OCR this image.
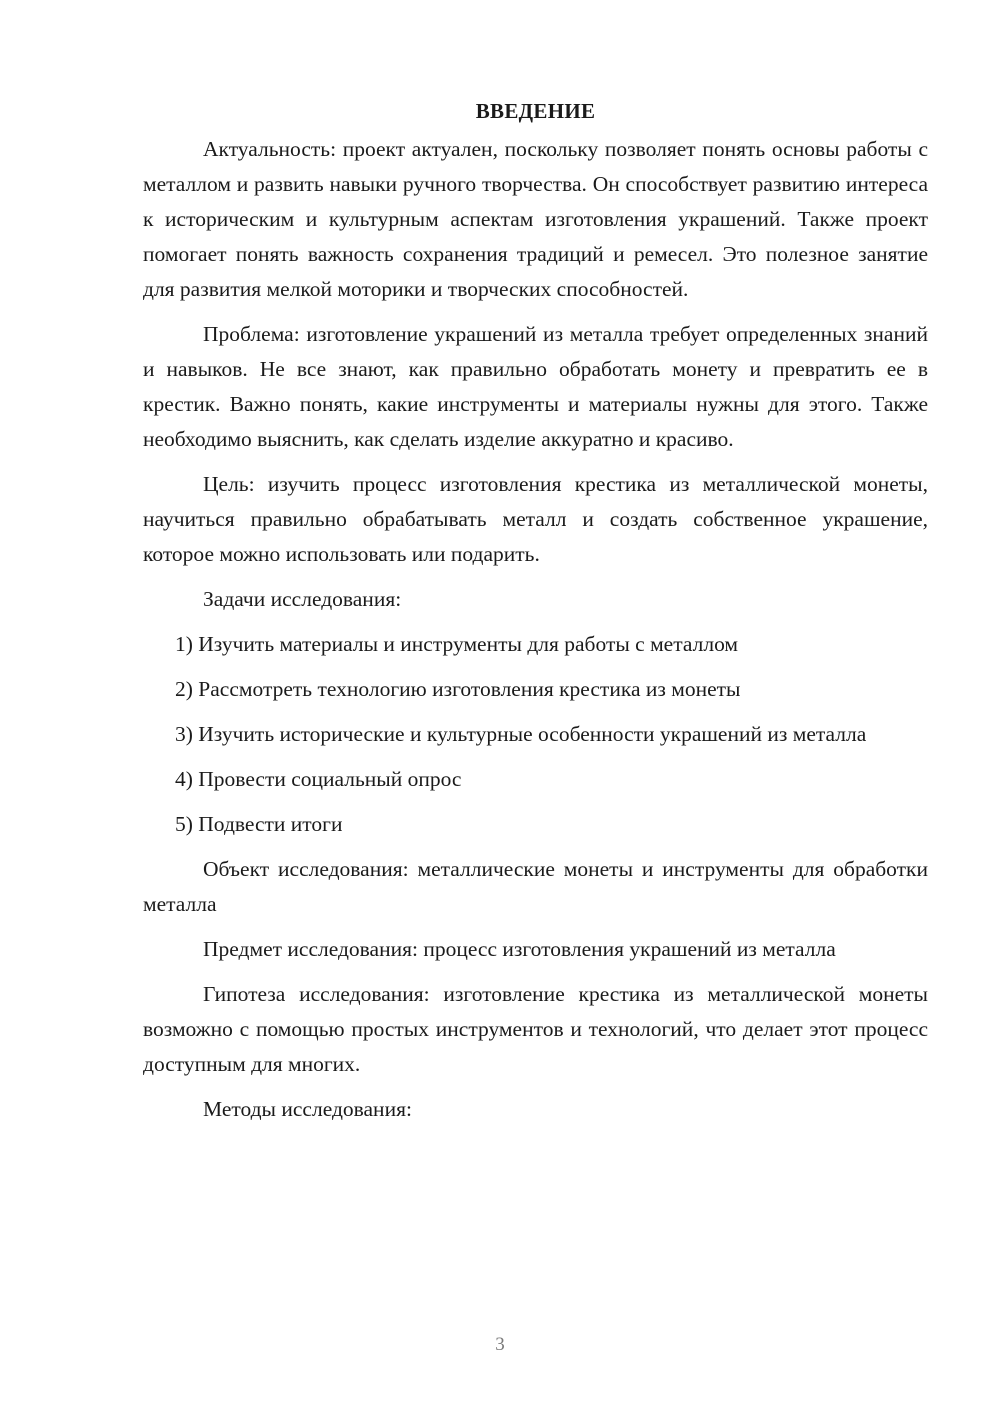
ВВЕДЕНИЕ

Актуальность: проект актуален, поскольку позволяет понять основы работы с металлом и развить навыки ручного творчества. Он способствует развитию интереса к историческим и культурным аспектам изготовления украшений. Также проект помогает понять важность сохранения традиций и ремесел. Это полезное занятие для развития мелкой моторики и творческих способностей.

Проблема: изготовление украшений из металла требует определенных знаний и навыков. Не все знают, как правильно обработать монету и превратить ее в крестик. Важно понять, какие инструменты и материалы нужны для этого. Также необходимо выяснить, как сделать изделие аккуратно и красиво.

Цель: изучить процесс изготовления крестика из металлической монеты, научиться правильно обрабатывать металл и создать собственное украшение, которое можно использовать или подарить.

Задачи исследования:

1) Изучить материалы и инструменты для работы с металлом

2) Рассмотреть технологию изготовления крестика из монеты

3) Изучить исторические и культурные особенности украшений из металла

4) Провести социальный опрос

5) Подвести итоги

Объект исследования: металлические монеты и инструменты для обработки металла

Предмет исследования: процесс изготовления украшений из металла

Гипотеза исследования: изготовление крестика из металлической монеты возможно с помощью простых инструментов и технологий, что делает этот процесс доступным для многих.

Методы исследования:

3
